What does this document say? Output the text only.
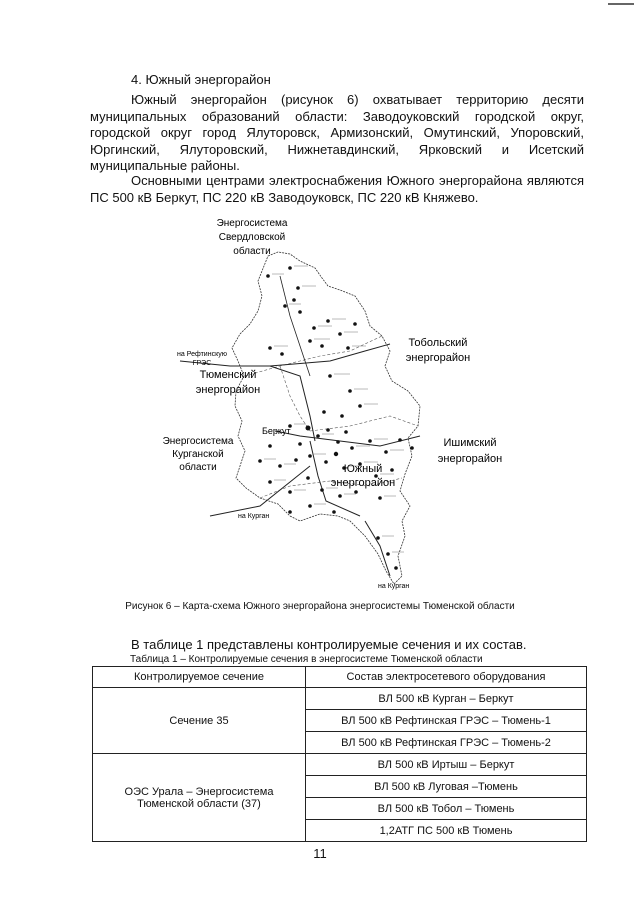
4. Южный энергорайон
Южный энергорайон (рисунок 6) охватывает территорию десяти муниципальных образований области: Заводоуковский городской округ, городской округ город Ялуторовск, Армизонский, Омутинский, Упоровский, Юргинский, Ялуторовский, Нижнетавдинский, Ярковский и Исетский муниципальные районы.
Основными центрами электроснабжения Южного энергорайона являются ПС 500 кВ Беркут, ПС 220 кВ Заводоуковск, ПС 220 кВ Княжево.
Энергосистема
Свердловской
области
Тобольский
энергорайон
Тюменский
энергорайон
на Рефтинскую
ГРЭС
Энергосистема
Курганской
области
Ишимский
энергорайон
Беркут
Южный
энергорайон
на Курган
на Курган
Рисунок 6 – Карта-схема Южного энергорайона энергосистемы Тюменской области
В таблице 1 представлены контролируемые сечения и их состав.
Таблица 1 – Контролируемые сечения в энергосистеме Тюменской области
Контролируемое сечение	Состав электросетевого оборудования
Сечение 35	ВЛ 500 кВ Курган – Беркут
	ВЛ 500 кВ Рефтинская ГРЭС – Тюмень-1
	ВЛ 500 кВ Рефтинская ГРЭС – Тюмень-2
ОЭС Урала – Энергосистема Тюменской области (37)	ВЛ 500 кВ Иртыш – Беркут
	ВЛ 500 кВ Луговая –Тюмень
	ВЛ 500 кВ Тобол – Тюмень
	1,2АТГ ПС 500 кВ Тюмень
11
